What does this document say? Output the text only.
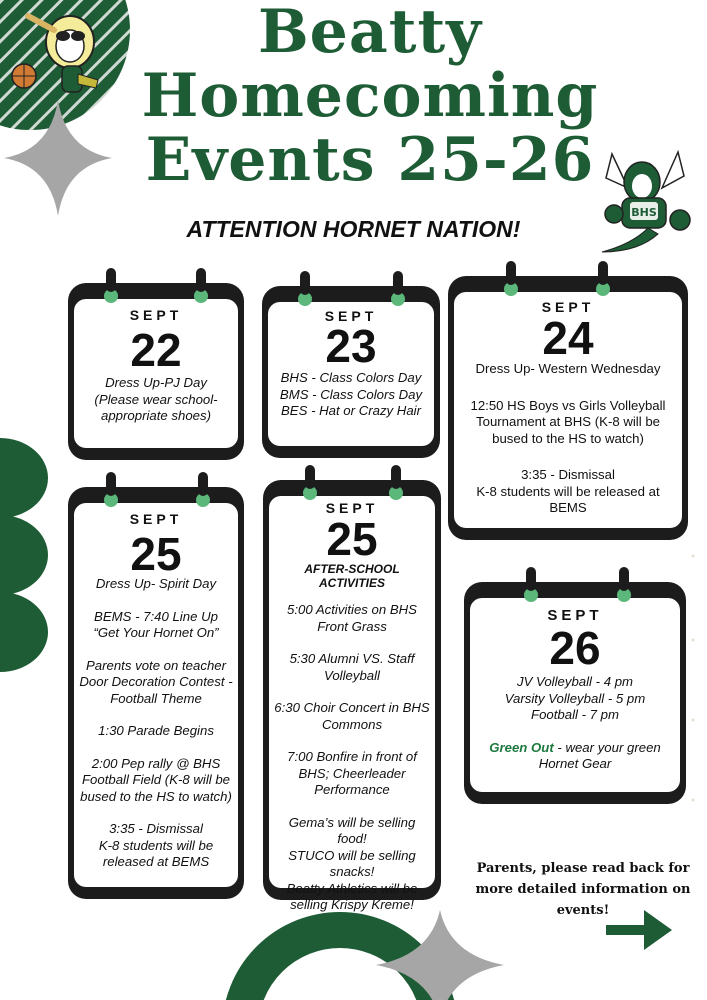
BHS
Beatty
Homecoming
Events 25-26
ATTENTION HORNET NATION!
SEPT
22
Dress Up-PJ Day
(Please wear school-
appropriate shoes)
SEPT
23
BHS - Class Colors Day
BMS - Class Colors Day
BES - Hat or Crazy Hair
SEPT
24

Dress Up- Western Wednesday

12:50 HS Boys vs Girls Volleyball Tournament at BHS (K-8 will be bused to the HS to watch)

3:35 - Dismissal

K-8 students will be released at BEMS

SEPT
25

Dress Up- Spirit Day

BEMS - 7:40 Line Up

“Get Your Hornet On”

Parents vote on teacher Door Decoration Contest - Football Theme

1:30 Parade Begins

2:00 Pep rally @ BHS Football Field (K-8 will be bused to the HS to watch)

3:35 - Dismissal

K-8 students will be released at BEMS

SEPT
25
AFTER-SCHOOL ACTIVITIES

5:00 Activities on BHS Front Grass

5:30 Alumni VS. Staff Volleyball

6:30 Choir Concert in BHS Commons

7:00 Bonfire in front of BHS; Cheerleader Performance

Gema’s will be selling food!

STUCO will be selling snacks!

Beatty Athletics will be selling Krispy Kreme!

SEPT
26
JV Volleyball - 4 pm
Varsity Volleyball - 5 pm
Football - 7 pm
Green Out - wear your green Hornet Gear
Parents, please read back for more detailed information on events!
